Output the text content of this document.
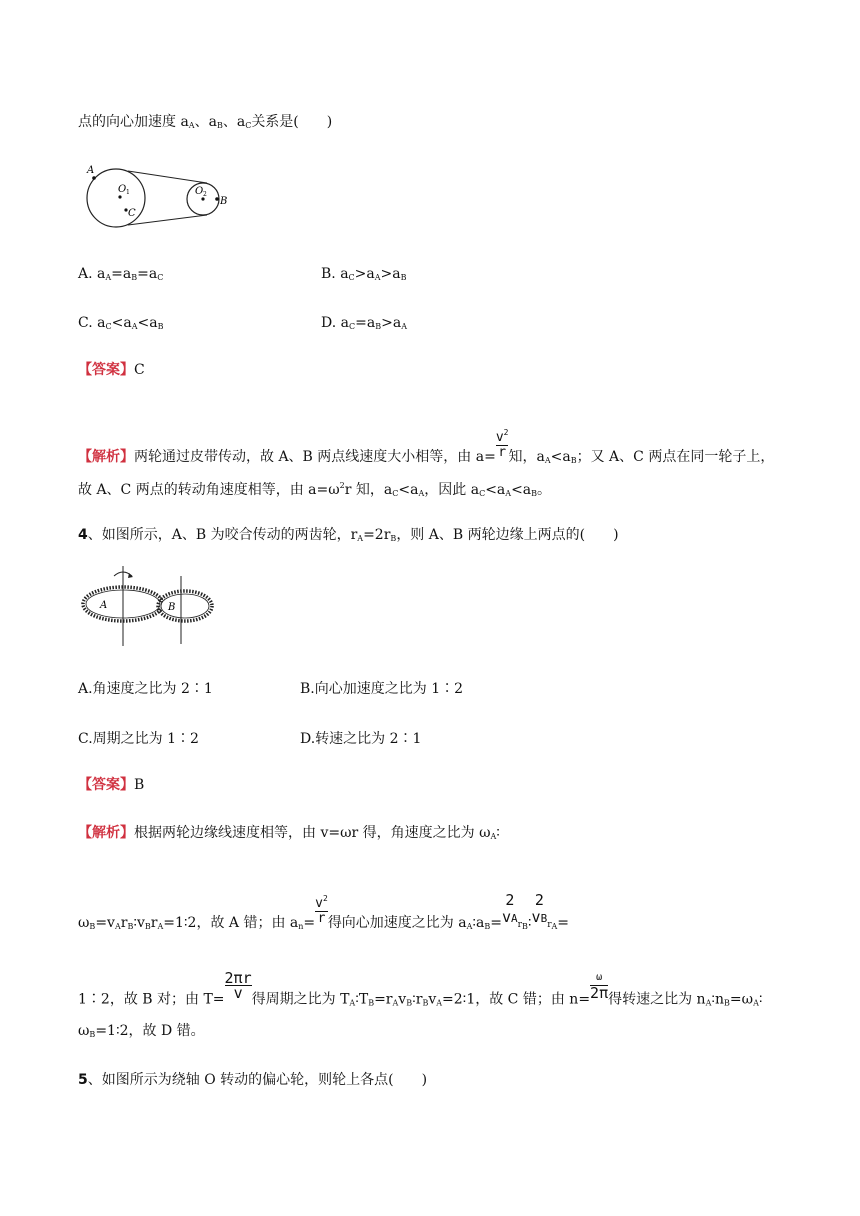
点的向心加速度 $a_A$、$a_B$、$a_C$关系是(　　)
A
O 1
C
O 2
B
A. $a_A=a_B=a_C$	B. $a_C>a_A>a_B$
C. $a_C<a_A<a_B$	D. $a_C=a_B>a_A$
【答案】C
【解析】两轮通过皮带传动，故 A、B 两点线速度大小相等，由 $a= \frac{v^2}{r}$ 知，$a_A<a_B$；又 A、C 两点在同一轮子上，
故 A、C 两点的转动角速度相等，由 $a=\omega^2r$ 知，$a_C<a_A$，因此 $a_C<a_A<a_B$。
4、如图所示，A、B 为咬合传动的两齿轮，$r_A=2r_B$，则 A、B 两轮边缘上两点的(　　)
A	B
A.角速度之比为 2∶1	B.向心加速度之比为 1∶2
C.周期之比为 1∶2	D.转速之比为 2∶1
【答案】B
【解析】根据两轮边缘线速度相等，由 v=ωr 得，角速度之比为 $\omega_A∶$
$\omega_B=v_Ar_B∶v_Br_A=1∶2$，故 A 错；由 $a_n= \frac{v^2}{r}$ 得向心加速度之比为 $a_A∶a_B=$
2
vAr$_B$∶
2
vBr$_A$=
1∶2，故 B 对；由 $T= \frac{2\pi r}{v}$ 得周期之比为 $T_A∶T_B=r_Av_B∶r_Bv_A=2∶1$，故 C 错；由 $n= \frac{\omega}{2\pi}$ 得转速之比为 $n_A∶n_B=\omega_A∶$
$\omega_B=1∶2$，故 D 错。
5、如图所示为绕轴 O 转动的偏心轮，则轮上各点(　　)
